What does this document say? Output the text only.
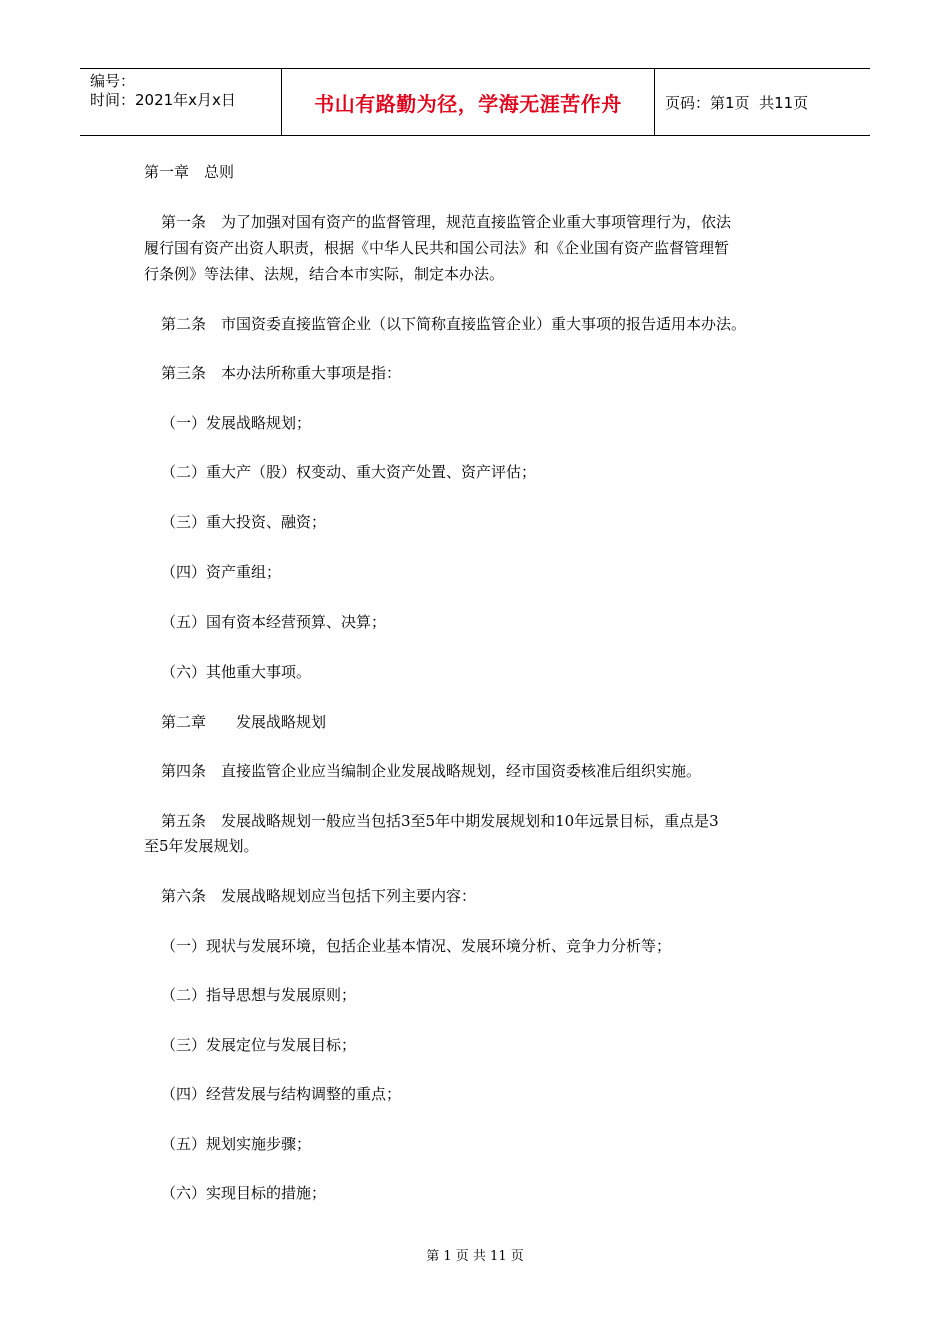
编号：
时间：2021年x月x日	书山有路勤为径，学海无涯苦作舟	页码：第1页  共11页
第一章　总则
第一条　为了加强对国有资产的监督管理，规范直接监管企业重大事项管理行为，依法
履行国有资产出资人职责，根据《中华人民共和国公司法》和《企业国有资产监督管理暂
行条例》等法律、法规，结合本市实际，制定本办法。
第二条　市国资委直接监管企业（以下简称直接监管企业）重大事项的报告适用本办法。
第三条　本办法所称重大事项是指：
（一）发展战略规划；
（二）重大产（股）权变动、重大资产处置、资产评估；
（三）重大投资、融资；
（四）资产重组；
（五）国有资本经营预算、决算；
（六）其他重大事项。
第二章　　发展战略规划
第四条　直接监管企业应当编制企业发展战略规划，经市国资委核准后组织实施。
第五条　发展战略规划一般应当包括3至5年中期发展规划和10年远景目标，重点是3
至5年发展规划。
第六条　发展战略规划应当包括下列主要内容：
（一）现状与发展环境，包括企业基本情况、发展环境分析、竞争力分析等；
（二）指导思想与发展原则；
（三）发展定位与发展目标；
（四）经营发展与结构调整的重点；
（五）规划实施步骤；
（六）实现目标的措施；
第 1 页 共 11 页
